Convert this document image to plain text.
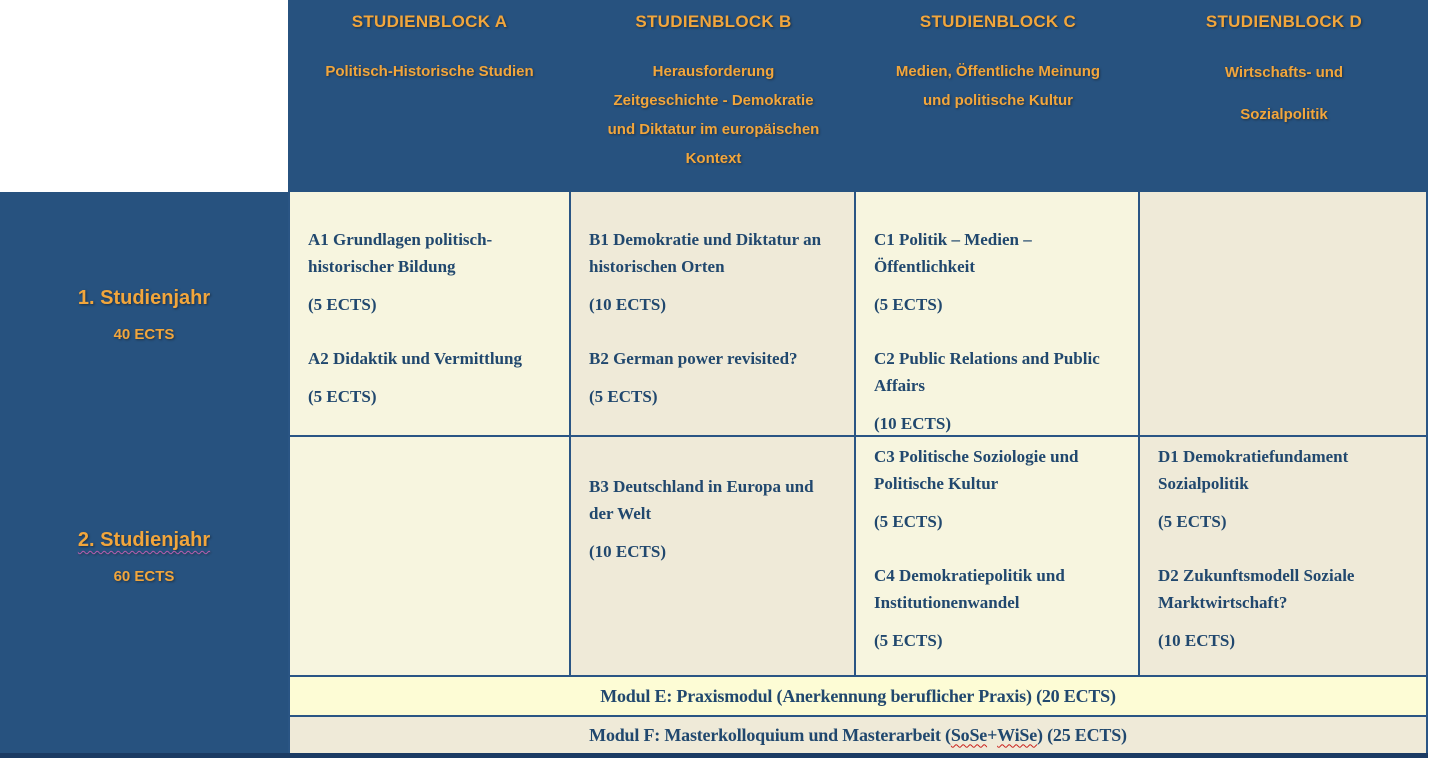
STUDIENBLOCK A
Politisch-Historische Studien
STUDIENBLOCK B
Herausforderung
Zeitgeschichte - Demokratie
und Diktatur im europäischen
Kontext
STUDIENBLOCK C
Medien, Öffentliche Meinung
und politische Kultur
STUDIENBLOCK D
Wirtschafts- und
Sozialpolitik
1. Studienjahr
40 ECTS
2. Studienjahr
60 ECTS

A1 Grundlagen politisch-historischer Bildung

(5 ECTS)

A2 Didaktik und Vermittlung

(5 ECTS)

B1 Demokratie und Diktatur an historischen Orten

(10 ECTS)

B2 German power revisited?

(5 ECTS)

C1 Politik – Medien – Öffentlichkeit

(5 ECTS)

C2 Public Relations and Public Affairs

(10 ECTS)

B3 Deutschland in Europa und der Welt

(10 ECTS)

C3 Politische Soziologie und Politische Kultur

(5 ECTS)

C4 Demokratiepolitik und Institutionenwandel

(5 ECTS)

D1 Demokratiefundament Sozialpolitik

(5 ECTS)

D2 Zukunftsmodell Soziale Marktwirtschaft?

(10 ECTS)

Modul E: Praxismodul (Anerkennung beruflicher Praxis) (20 ECTS)
Modul F: Masterkolloquium und Masterarbeit ( SoSe + WiSe ) (25 ECTS)
